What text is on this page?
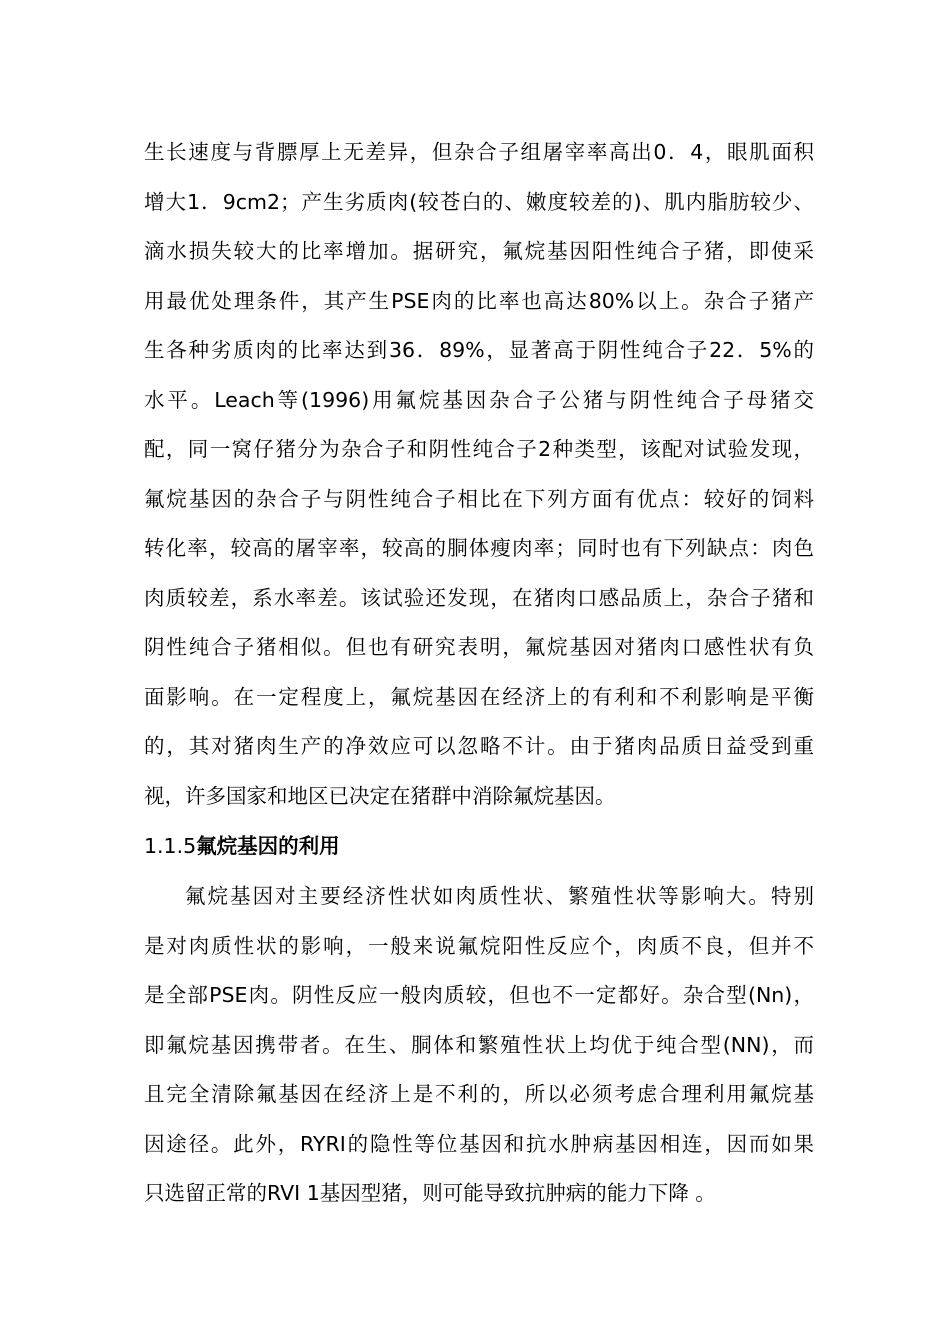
生长速度与背膘厚上无差异，但杂合子组屠宰率高出0．4，眼肌面积
增大1．9cm2；产生劣质肉(较苍白的、嫩度较差的)、肌内脂肪较少、
滴水损失较大的比率增加。据研究，氟烷基因阳性纯合子猪，即使采
用最优处理条件，其产生PSE肉的比率也高达80%以上。杂合子猪产
生各种劣质肉的比率达到36．89%，显著高于阴性纯合子22．5%的
水平。Leach等(1996)用氟烷基因杂合子公猪与阴性纯合子母猪交
配，同一窝仔猪分为杂合子和阴性纯合子2种类型，该配对试验发现，
氟烷基因的杂合子与阴性纯合子相比在下列方面有优点：较好的饲料
转化率，较高的屠宰率，较高的胴体瘦肉率；同时也有下列缺点：肉色
肉质较差，系水率差。该试验还发现，在猪肉口感品质上，杂合子猪和
阴性纯合子猪相似。但也有研究表明，氟烷基因对猪肉口感性状有负
面影响。在一定程度上，氟烷基因在经济上的有利和不利影响是平衡
的，其对猪肉生产的净效应可以忽略不计。由于猪肉品质日益受到重
视，许多国家和地区已决定在猪群中消除氟烷基因。
1.1.5氟烷基因的利用
氟烷基因对主要经济性状如肉质性状、繁殖性状等影响大。特别
是对肉质性状的影响，一般来说氟烷阳性反应个，肉质不良，但并不
是全部PSE肉。阴性反应一般肉质较，但也不一定都好。杂合型(Nn)，
即氟烷基因携带者。在生、胴体和繁殖性状上均优于纯合型(NN)，而
且完全清除氟基因在经济上是不利的，所以必须考虑合理利用氟烷基
因途径。此外，RYRI的隐性等位基因和抗水肿病基因相连，因而如果
只选留正常的RVI 1基因型猪，则可能导致抗肿病的能力下降 。
